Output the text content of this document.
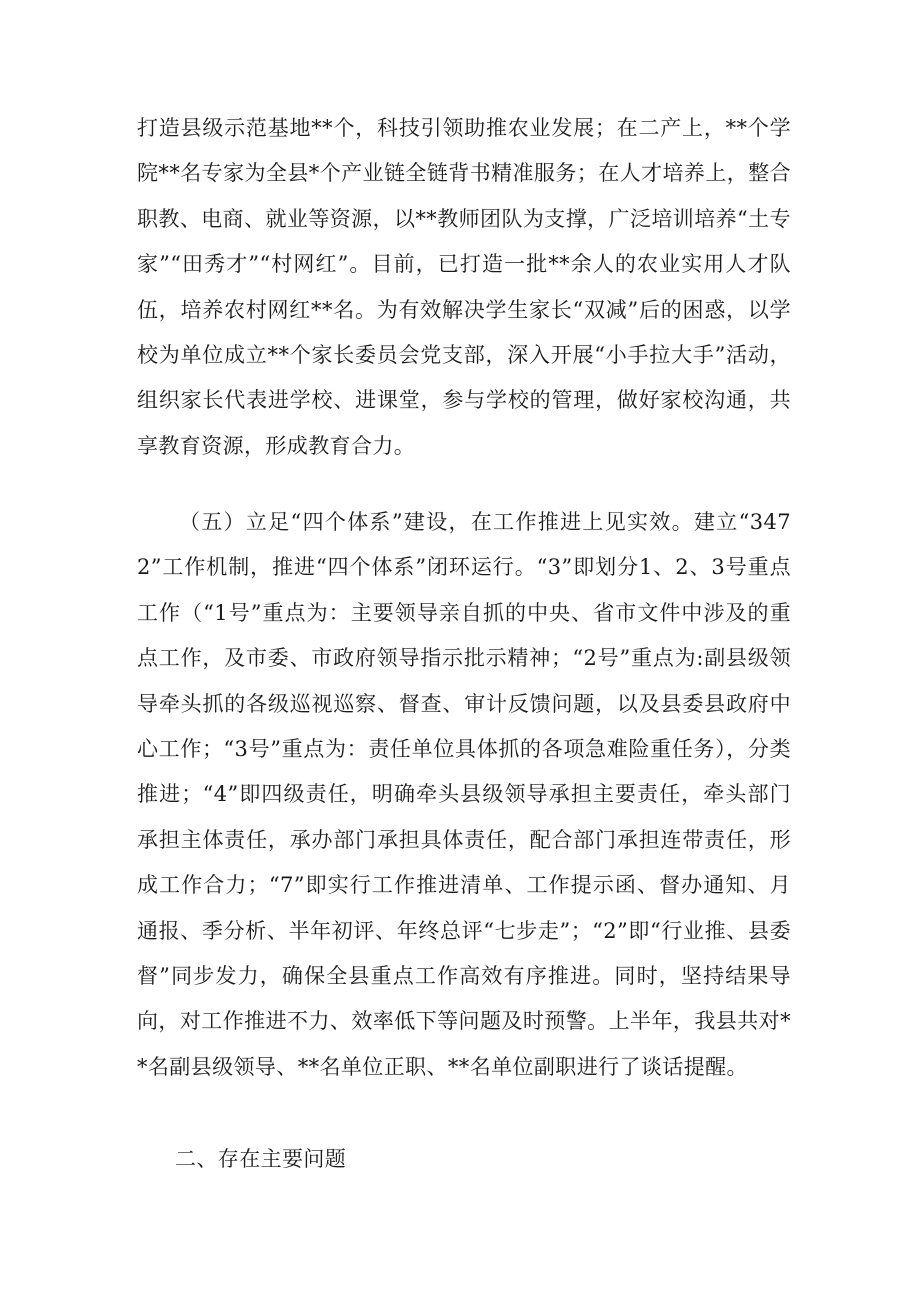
打造县级示范基地**个，科技引领助推农业发展；在二产上，**个学院**名专家为全县*个产业链全链背书精准服务；在人才培养上，整合职教、电商、就业等资源，以**教师团队为支撑，广泛培训培养“土专家”“田秀才”“村网红”。目前，已打造一批**余人的农业实用人才队伍，培养农村网红**名。为有效解决学生家长“双减”后的困惑，以学校为单位成立**个家长委员会党支部，深入开展“小手拉大手”活动，组织家长代表进学校、进课堂，参与学校的管理，做好家校沟通，共享教育资源，形成教育合力。

（五）立足“四个体系”建设，在工作推进上见实效。建立“3472”工作机制，推进“四个体系”闭环运行。“3”即划分1、2、3号重点工作（“1号”重点为：主要领导亲自抓的中央、省市文件中涉及的重点工作，及市委、市政府领导指示批示精神；“2号”重点为:副县级领导牵头抓的各级巡视巡察、督查、审计反馈问题，以及县委县政府中心工作；“3号”重点为：责任单位具体抓的各项急难险重任务），分类推进；“4”即四级责任，明确牵头县级领导承担主要责任，牵头部门承担主体责任，承办部门承担具体责任，配合部门承担连带责任，形成工作合力；“7”即实行工作推进清单、工作提示函、督办通知、月通报、季分析、半年初评、年终总评“七步走”；“2”即“行业推、县委督”同步发力，确保全县重点工作高效有序推进。同时，坚持结果导向，对工作推进不力、效率低下等问题及时预警。上半年，我县共对**名副县级领导、**名单位正职、**名单位副职进行了谈话提醒。

二、存在主要问题
